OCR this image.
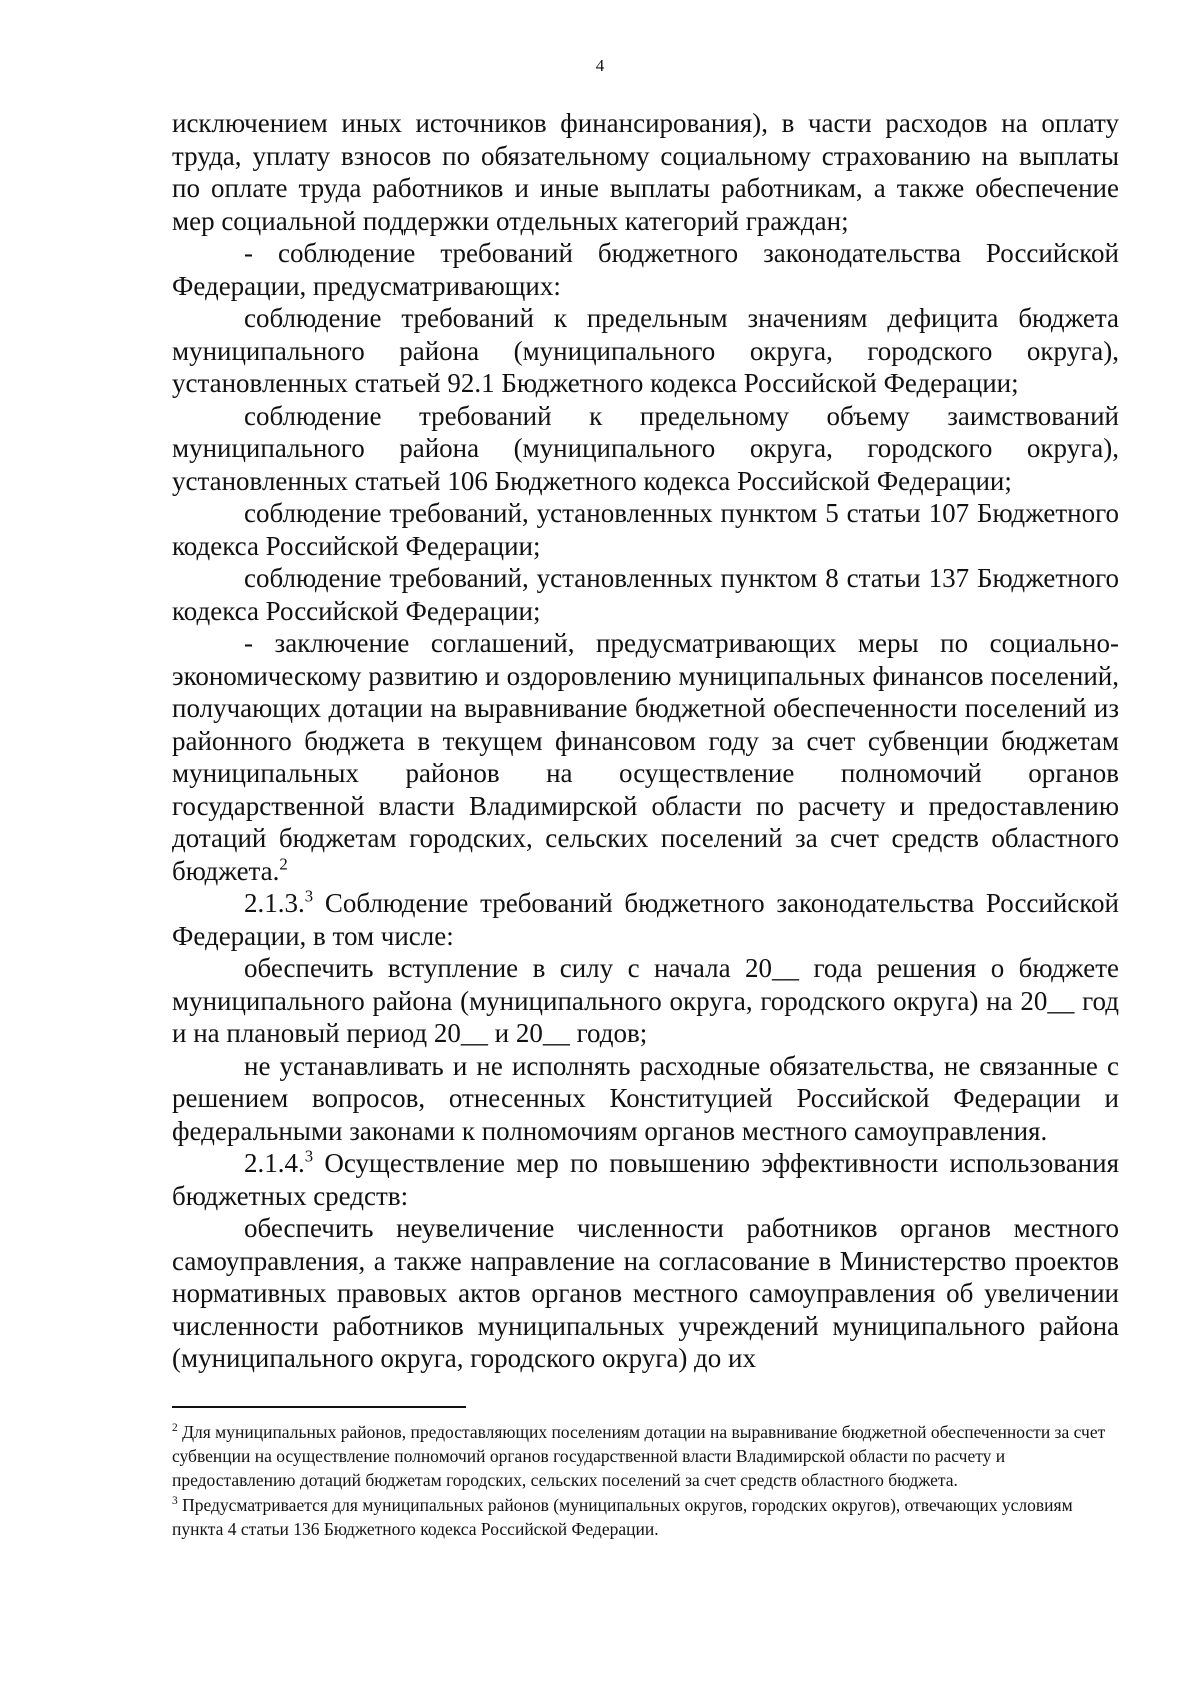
4

исключением иных источников финансирования), в части расходов на оплату труда, уплату взносов по обязательному социальному страхованию на выплаты по оплате труда работников и иные выплаты работникам, а также обеспечение мер социальной поддержки отдельных категорий граждан;

- соблюдение требований бюджетного законодательства Российской Федерации, предусматривающих:

соблюдение требований к предельным значениям дефицита бюджета муниципального района (муниципального округа, городского округа), установленных статьей 92.1 Бюджетного кодекса Российской Федерации;

соблюдение требований к предельному объему заимствований муниципального района (муниципального округа, городского округа), установленных статьей 106 Бюджетного кодекса Российской Федерации;

соблюдение требований, установленных пунктом 5 статьи 107 Бюджетного кодекса Российской Федерации;

соблюдение требований, установленных пунктом 8 статьи 137 Бюджетного кодекса Российской Федерации;

- заключение соглашений, предусматривающих меры по социально-экономическому развитию и оздоровлению муниципальных финансов поселений, получающих дотации на выравнивание бюджетной обеспеченности поселений из районного бюджета в текущем финансовом году за счет субвенции бюджетам муниципальных районов на осуществление полномочий органов государственной власти Владимирской области по расчету и предоставлению дотаций бюджетам городских, сельских поселений за счет средств областного бюджета.$^2$

2.1.3.$^3$ Соблюдение требований бюджетного законодательства Российской Федерации, в том числе:

обеспечить вступление в силу с начала 20__ года решения о бюджете муниципального района (муниципального округа, городского округа) на 20__ год и на плановый период 20__ и 20__ годов;

не устанавливать и не исполнять расходные обязательства, не связанные с решением вопросов, отнесенных Конституцией Российской Федерации и федеральными законами к полномочиям органов местного самоуправления.

2.1.4.$^3$ Осуществление мер по повышению эффективности использования бюджетных средств:

обеспечить неувеличение численности работников органов местного самоуправления, а также направление на согласование в Министерство проектов нормативных правовых актов органов местного самоуправления об увеличении численности работников муниципальных учреждений муниципального района (муниципального округа, городского округа) до их

$^2$ Для муниципальных районов, предоставляющих поселениям дотации на выравнивание бюджетной обеспеченности за счет субвенции на осуществление полномочий органов государственной власти Владимирской области по расчету и предоставлению дотаций бюджетам городских, сельских поселений за счет средств областного бюджета.

$^3$ Предусматривается для муниципальных районов (муниципальных округов, городских округов), отвечающих условиям пункта 4 статьи 136 Бюджетного кодекса Российской Федерации.
